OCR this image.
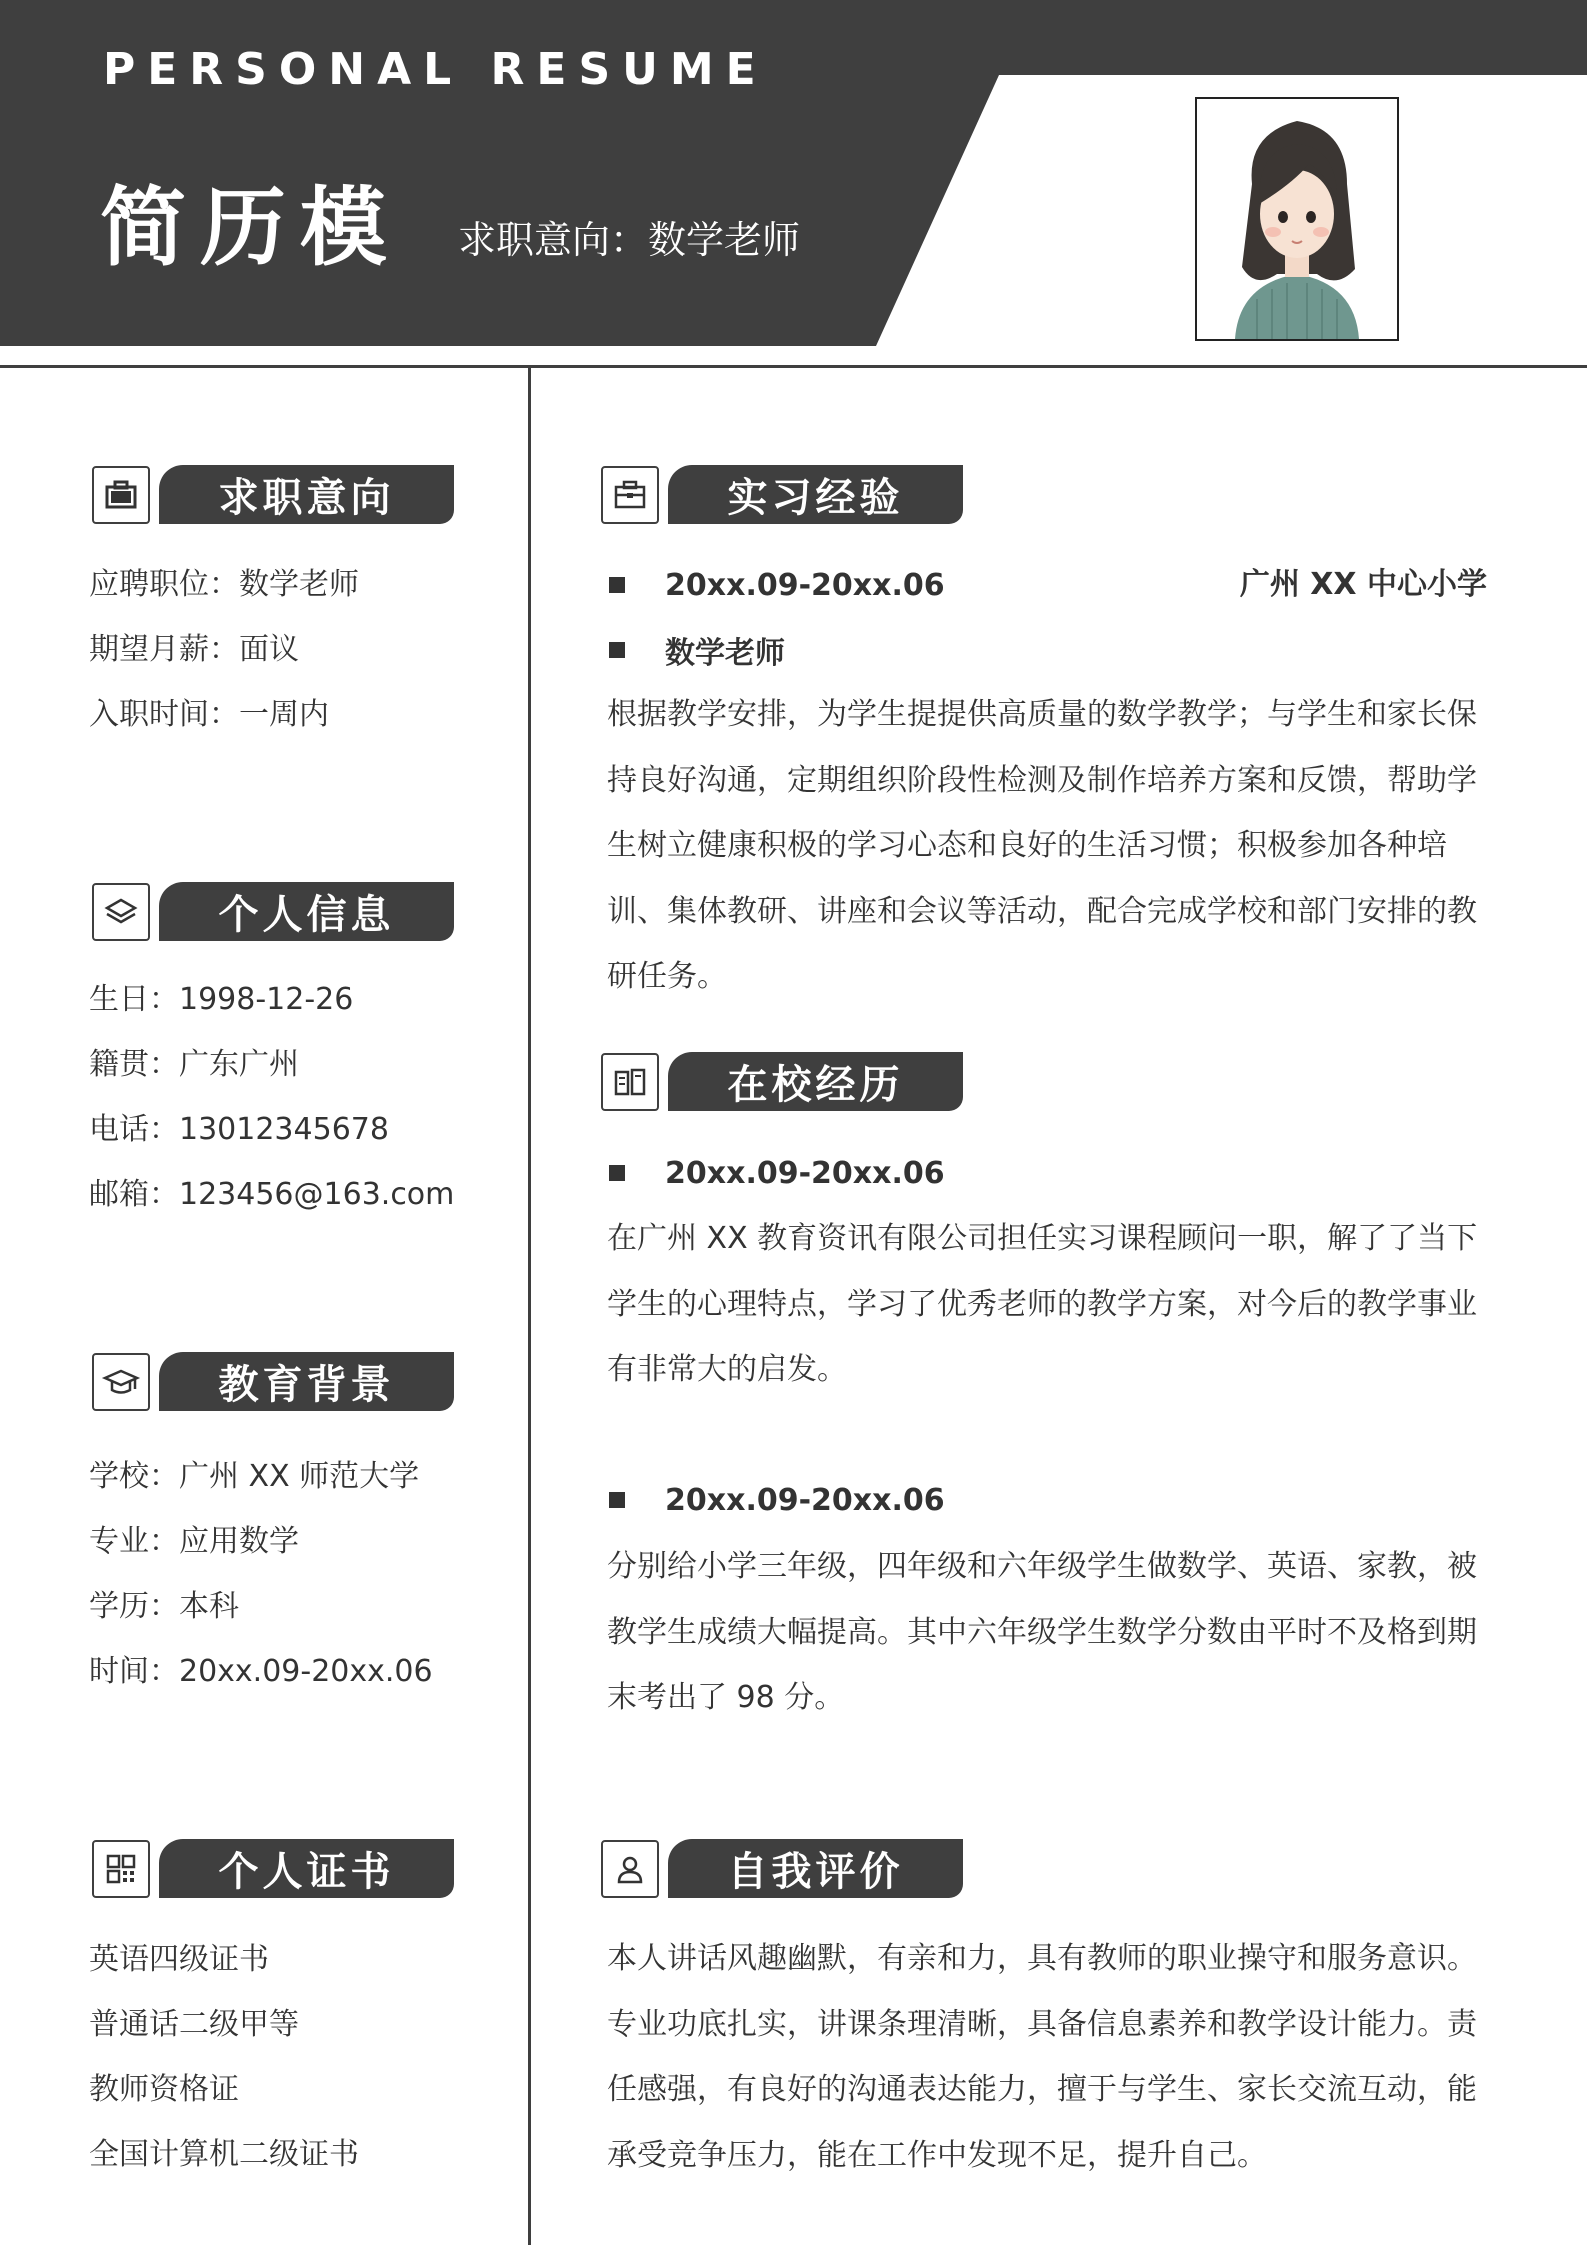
PERSONAL RESUME
简历模 求职意向：数学老师
求职意向
应聘职位：数学老师
期望月薪：面议
入职时间：一周内
个人信息
生日：1998-12-26
籍贯：广东广州
电话：13012345678
邮箱：123456@163.com
教育背景
学校：广州 XX 师范大学
专业：应用数学
学历：本科
时间：20xx.09-20xx.06
个人证书
英语四级证书
普通话二级甲等
教师资格证
全国计算机二级证书
实习经验
20xx.09-20xx.06	广州 XX 中心小学
数学老师
根据教学安排，为学生提提供高质量的数学教学；与学生和家长保持良好沟通，定期组织阶段性检测及制作培养方案和反馈，帮助学生树立健康积极的学习心态和良好的生活习惯；积极参加各种培训、集体教研、讲座和会议等活动，配合完成学校和部门安排的教研任务。
在校经历
20xx.09-20xx.06
在广州 XX 教育资讯有限公司担任实习课程顾问一职，解了了当下学生的心理特点，学习了优秀老师的教学方案，对今后的教学事业有非常大的启发。
20xx.09-20xx.06
分别给小学三年级，四年级和六年级学生做数学、英语、家教，被教学生成绩大幅提高。其中六年级学生数学分数由平时不及格到期末考出了 98 分。
自我评价
本人讲话风趣幽默，有亲和力，具有教师的职业操守和服务意识。专业功底扎实，讲课条理清晰，具备信息素养和教学设计能力。责任感强，有良好的沟通表达能力，擅于与学生、家长交流互动，能承受竞争压力，能在工作中发现不足，提升自己。
